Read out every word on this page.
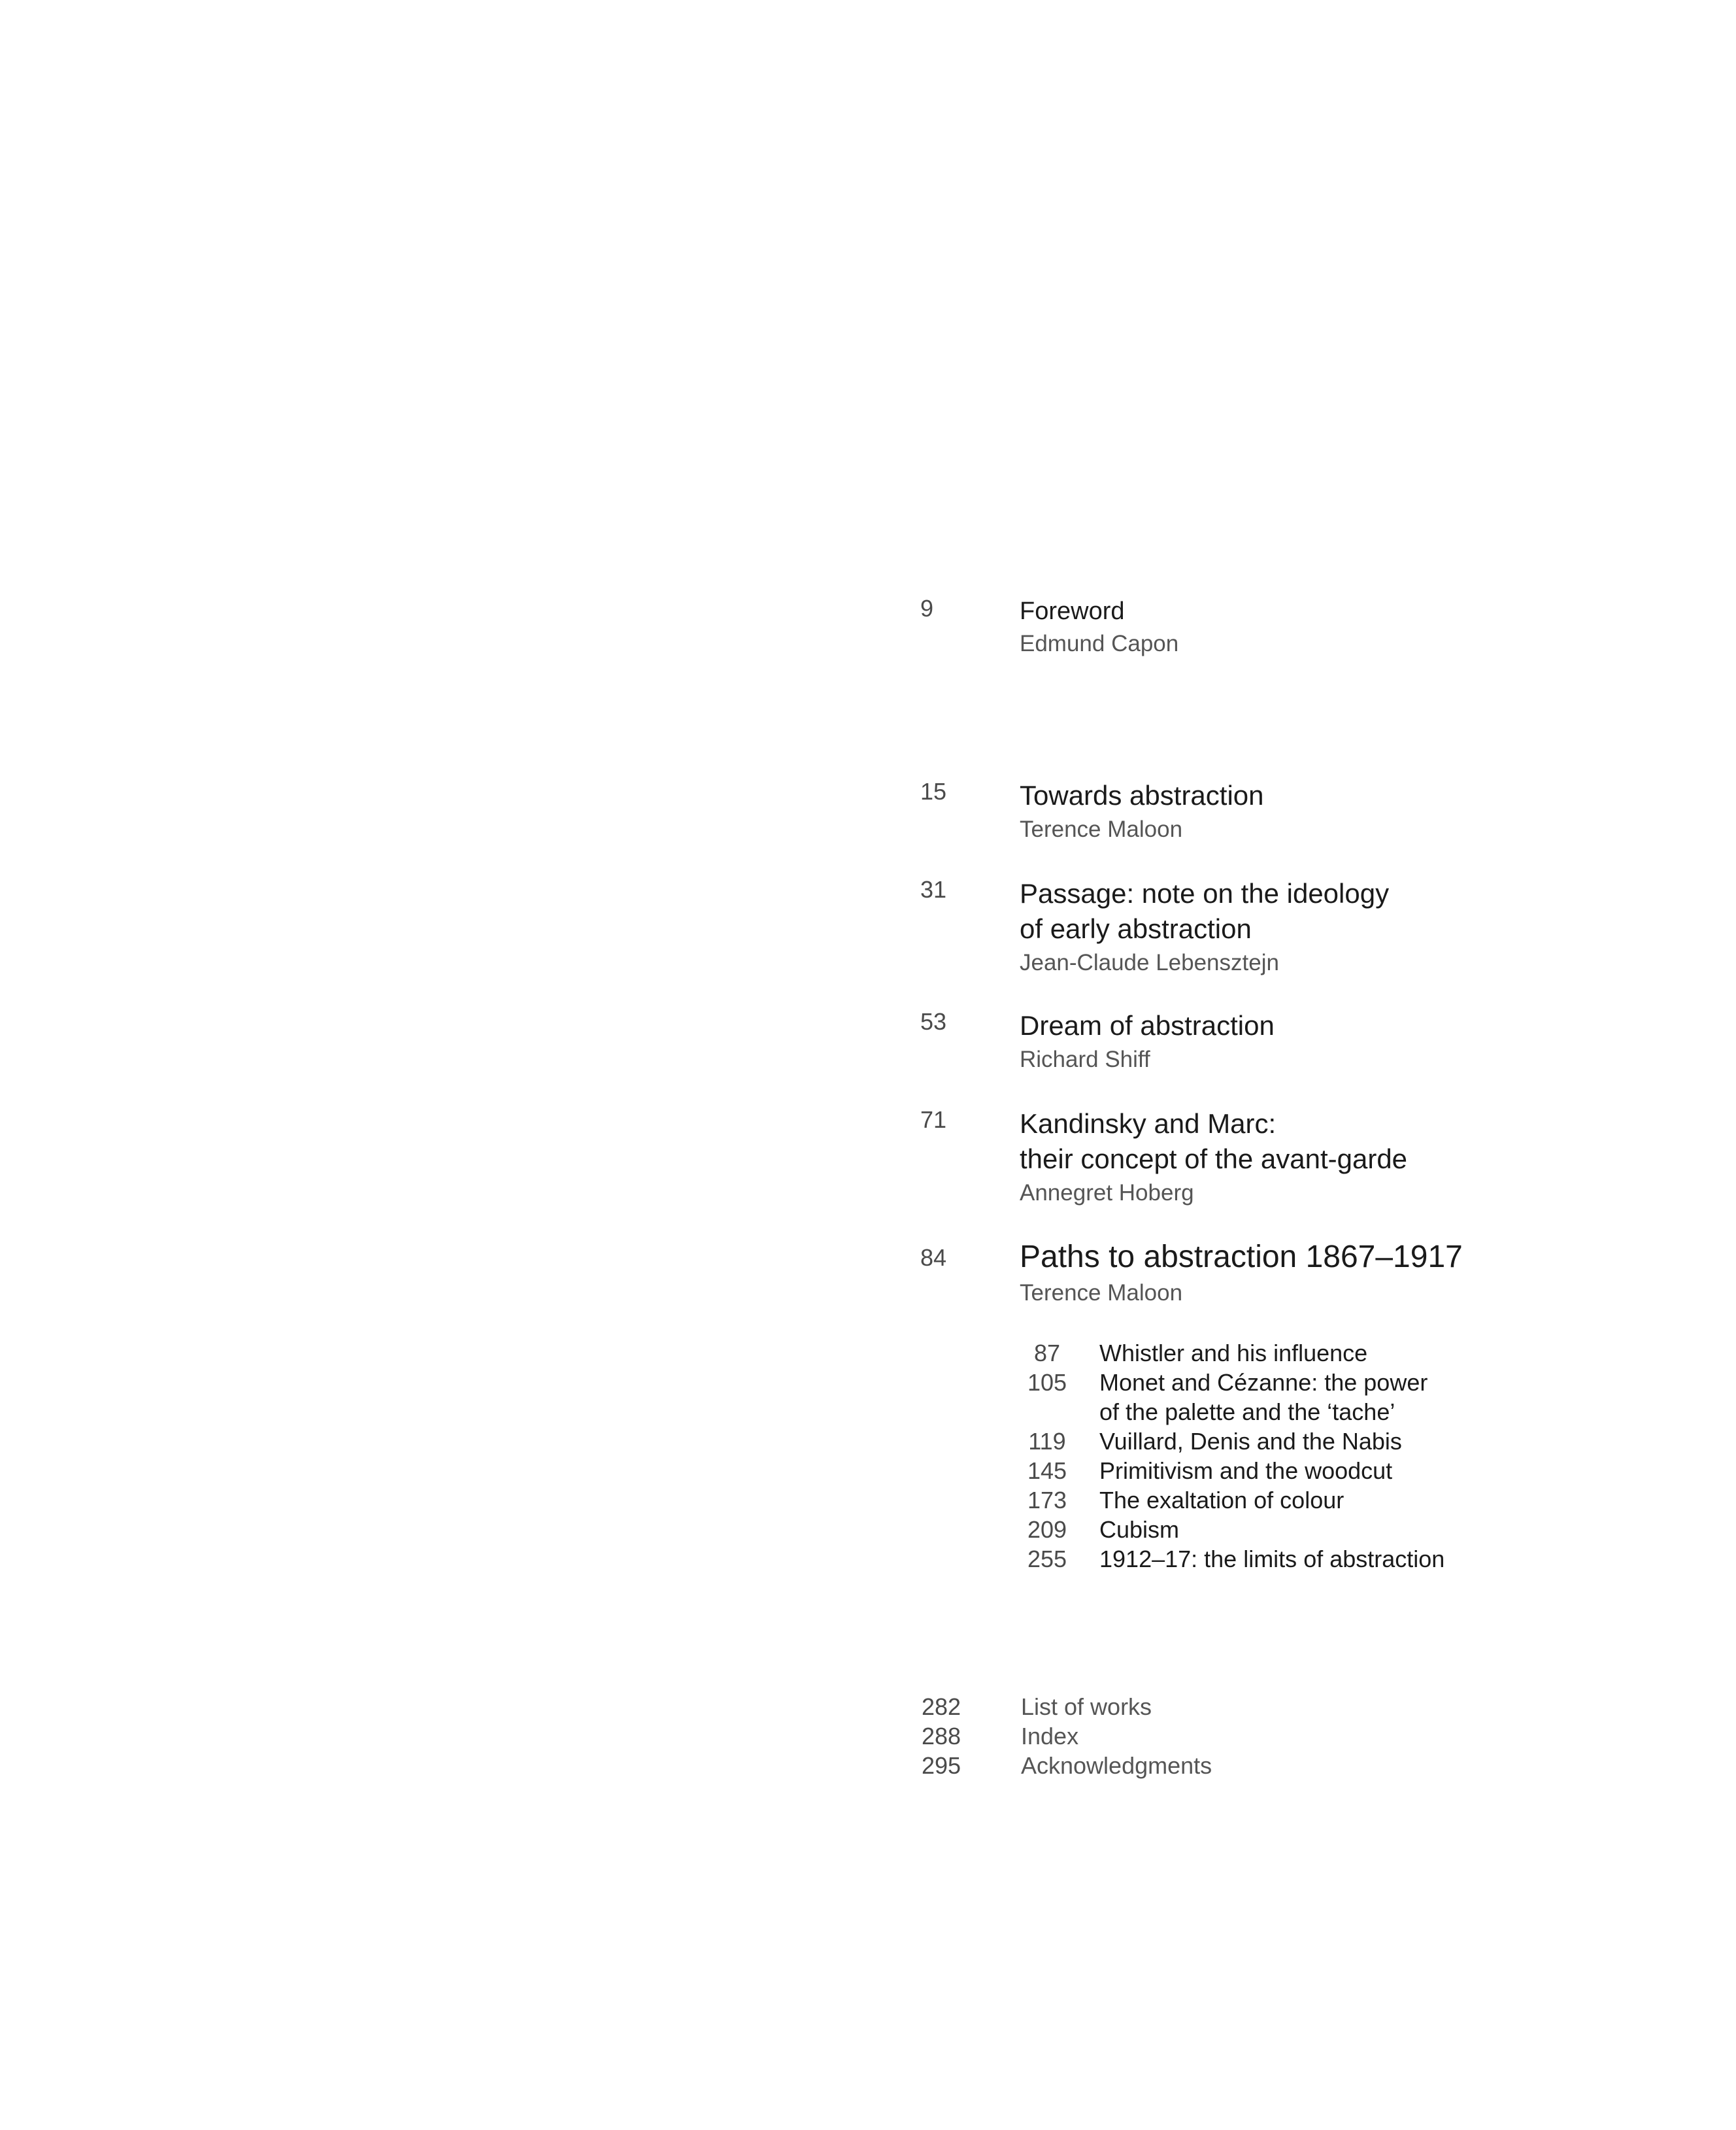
9	Foreword
Edmund Capon
15	Towards abstraction
Terence Maloon
31	Passage: note on the ideology
of early abstraction
Jean-Claude Lebensztejn
53	Dream of abstraction
Richard Shiff
71	Kandinsky and Marc:
their concept of the avant-garde
Annegret Hoberg
84 Paths to abstraction 1867–1917
Terence Maloon
87	Whistler and his influence
105 Monet and Cézanne: the power
of the palette and the ‘tache’
119	Vuillard, Denis and the Nabis
145 Primitivism and the woodcut
173 The exaltation of colour
209 Cubism
255 1912–17: the limits of abstraction
282	List of works
288	Index
295	Acknowledgments
